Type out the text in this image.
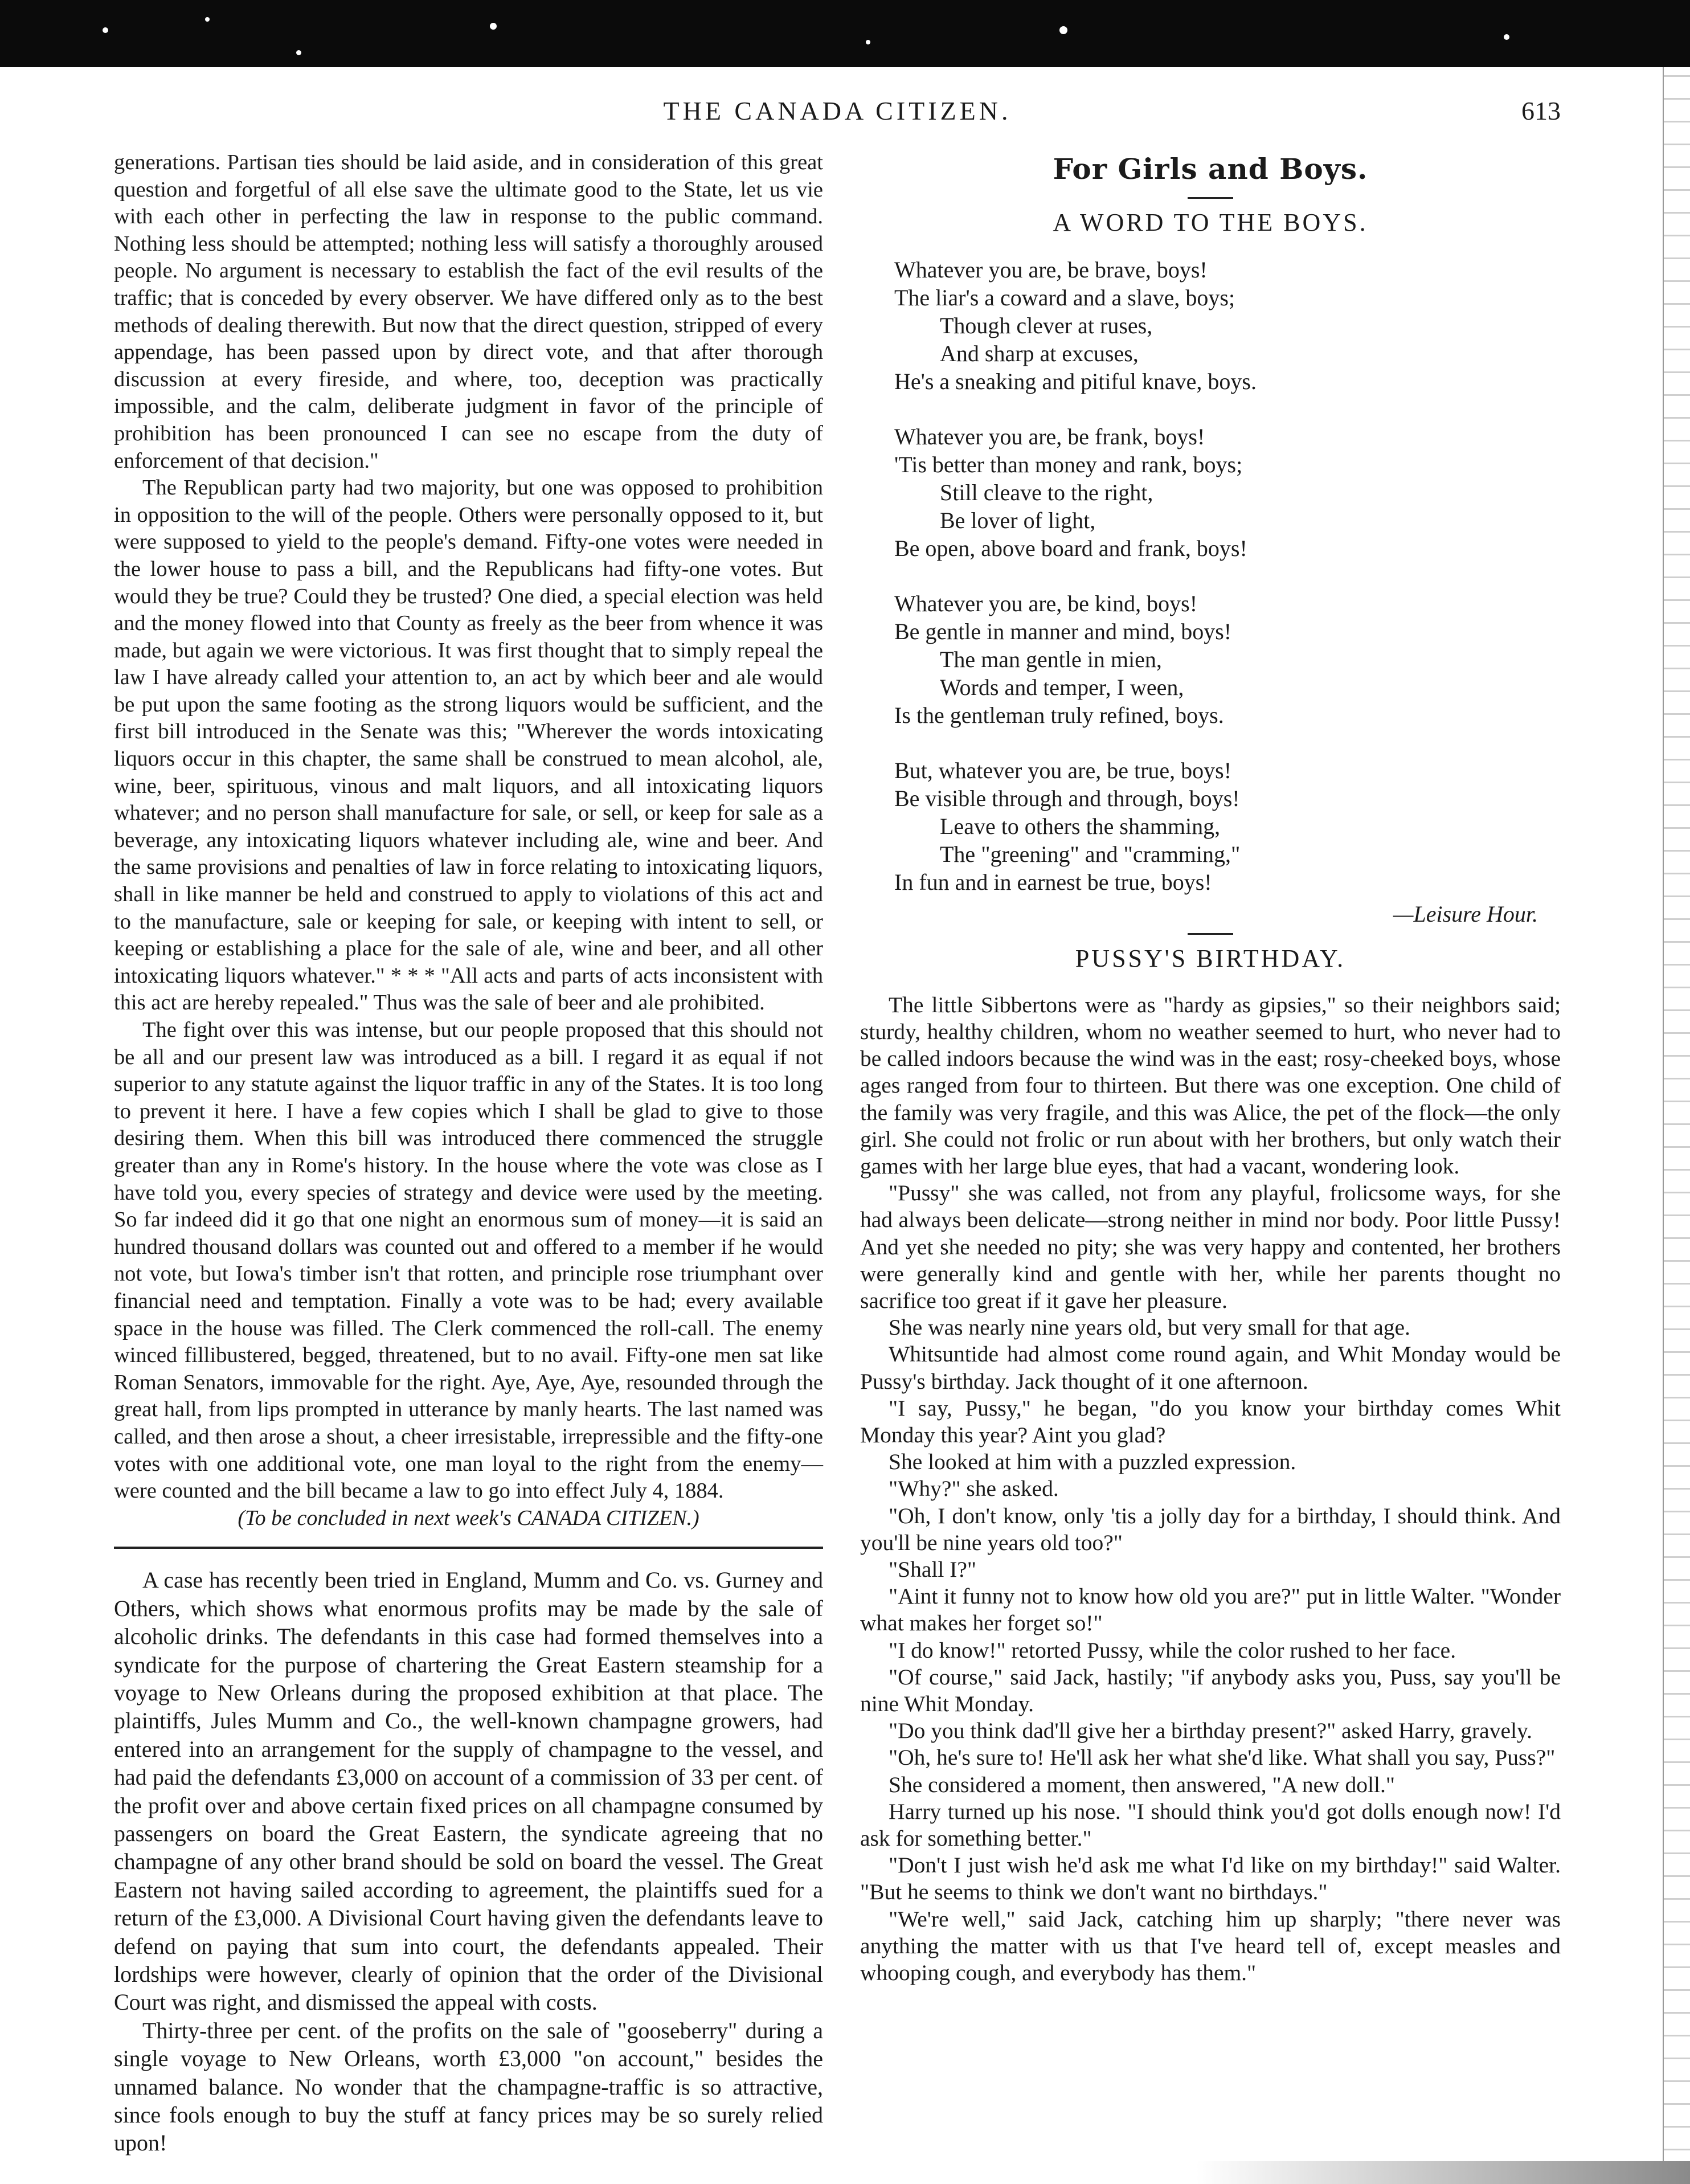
THE CANADA CITIZEN.	613

generations. Partisan ties should be laid aside, and in consideration of this great question and forgetful of all else save the ultimate good to the State, let us vie with each other in perfecting the law in response to the public command. Nothing less should be attempted; nothing less will satisfy a thoroughly aroused people. No argument is necessary to establish the fact of the evil results of the traffic; that is conceded by every observer. We have differed only as to the best methods of dealing therewith. But now that the direct question, stripped of every appendage, has been passed upon by direct vote, and that after thorough discussion at every fireside, and where, too, deception was practically impossible, and the calm, deliberate judgment in favor of the principle of prohibition has been pronounced I can see no escape from the duty of enforcement of that decision."

The Republican party had two majority, but one was opposed to prohibition in opposition to the will of the people. Others were personally opposed to it, but were supposed to yield to the people's demand. Fifty-one votes were needed in the lower house to pass a bill, and the Republicans had fifty-one votes. But would they be true? Could they be trusted? One died, a special election was held and the money flowed into that County as freely as the beer from whence it was made, but again we were victorious. It was first thought that to simply repeal the law I have already called your attention to, an act by which beer and ale would be put upon the same footing as the strong liquors would be sufficient, and the first bill introduced in the Senate was this; "Wherever the words intoxicating liquors occur in this chapter, the same shall be construed to mean alcohol, ale, wine, beer, spirituous, vinous and malt liquors, and all intoxicating liquors whatever; and no person shall manufacture for sale, or sell, or keep for sale as a beverage, any intoxicating liquors whatever including ale, wine and beer. And the same provisions and penalties of law in force relating to intoxicating liquors, shall in like manner be held and construed to apply to violations of this act and to the manufacture, sale or keeping for sale, or keeping with intent to sell, or keeping or establishing a place for the sale of ale, wine and beer, and all other intoxicating liquors whatever." * * * "All acts and parts of acts inconsistent with this act are hereby repealed." Thus was the sale of beer and ale prohibited.

The fight over this was intense, but our people proposed that this should not be all and our present law was introduced as a bill. I regard it as equal if not superior to any statute against the liquor traffic in any of the States. It is too long to prevent it here. I have a few copies which I shall be glad to give to those desiring them. When this bill was introduced there commenced the struggle greater than any in Rome's history. In the house where the vote was close as I have told you, every species of strategy and device were used by the meeting. So far indeed did it go that one night an enormous sum of money—it is said an hundred thousand dollars was counted out and offered to a member if he would not vote, but Iowa's timber isn't that rotten, and principle rose triumphant over financial need and temptation. Finally a vote was to be had; every available space in the house was filled. The Clerk commenced the roll-call. The enemy winced fillibustered, begged, threatened, but to no avail. Fifty-one men sat like Roman Senators, immovable for the right. Aye, Aye, Aye, resounded through the great hall, from lips prompted in utterance by manly hearts. The last named was called, and then arose a shout, a cheer irresistable, irrepressible and the fifty-one votes with one additional vote, one man loyal to the right from the enemy—were counted and the bill became a law to go into effect July 4, 1884.

(To be concluded in next week's CANADA CITIZEN.)

A case has recently been tried in England, Mumm and Co. vs. Gurney and Others, which shows what enormous profits may be made by the sale of alcoholic drinks. The defendants in this case had formed themselves into a syndicate for the purpose of chartering the Great Eastern steamship for a voyage to New Orleans during the proposed exhibition at that place. The plaintiffs, Jules Mumm and Co., the well-known champagne growers, had entered into an arrangement for the supply of champagne to the vessel, and had paid the defendants £3,000 on account of a commission of 33 per cent. of the profit over and above certain fixed prices on all champagne consumed by passengers on board the Great Eastern, the syndicate agreeing that no champagne of any other brand should be sold on board the vessel. The Great Eastern not having sailed according to agreement, the plaintiffs sued for a return of the £3,000. A Divisional Court having given the defendants leave to defend on paying that sum into court, the defendants appealed. Their lordships were however, clearly of opinion that the order of the Divisional Court was right, and dismissed the appeal with costs.

Thirty-three per cent. of the profits on the sale of "gooseberry" during a single voyage to New Orleans, worth £3,000 "on account," besides the unnamed balance. No wonder that the champagne-traffic is so attractive, since fools enough to buy the stuff at fancy prices may be so surely relied upon!

For Girls and Boys.
A WORD TO THE BOYS.
Whatever you are, be brave, boys!
The liar's a coward and a slave, boys;
Though clever at ruses,
And sharp at excuses,
He's a sneaking and pitiful knave, boys.
Whatever you are, be frank, boys!
'Tis better than money and rank, boys;
Still cleave to the right,
Be lover of light,
Be open, above board and frank, boys!
Whatever you are, be kind, boys!
Be gentle in manner and mind, boys!
The man gentle in mien,
Words and temper, I ween,
Is the gentleman truly refined, boys.
But, whatever you are, be true, boys!
Be visible through and through, boys!
Leave to others the shamming,
The "greening" and "cramming,"
In fun and in earnest be true, boys!
—Leisure Hour.
PUSSY'S BIRTHDAY.

The little Sibbertons were as "hardy as gipsies," so their neighbors said; sturdy, healthy children, whom no weather seemed to hurt, who never had to be called indoors because the wind was in the east; rosy-cheeked boys, whose ages ranged from four to thirteen. But there was one exception. One child of the family was very fragile, and this was Alice, the pet of the flock—the only girl. She could not frolic or run about with her brothers, but only watch their games with her large blue eyes, that had a vacant, wondering look.

"Pussy" she was called, not from any playful, frolicsome ways, for she had always been delicate—strong neither in mind nor body. Poor little Pussy! And yet she needed no pity; she was very happy and contented, her brothers were generally kind and gentle with her, while her parents thought no sacrifice too great if it gave her pleasure.

She was nearly nine years old, but very small for that age.

Whitsuntide had almost come round again, and Whit Monday would be Pussy's birthday. Jack thought of it one afternoon.

"I say, Pussy," he began, "do you know your birthday comes Whit Monday this year? Aint you glad?

She looked at him with a puzzled expression.

"Why?" she asked.

"Oh, I don't know, only 'tis a jolly day for a birthday, I should think. And you'll be nine years old too?"

"Shall I?"

"Aint it funny not to know how old you are?" put in little Walter. "Wonder what makes her forget so!"

"I do know!" retorted Pussy, while the color rushed to her face.

"Of course," said Jack, hastily; "if anybody asks you, Puss, say you'll be nine Whit Monday.

"Do you think dad'll give her a birthday present?" asked Harry, gravely.

"Oh, he's sure to! He'll ask her what she'd like. What shall you say, Puss?"

She considered a moment, then answered, "A new doll."

Harry turned up his nose. "I should think you'd got dolls enough now! I'd ask for something better."

"Don't I just wish he'd ask me what I'd like on my birthday!" said Walter. "But he seems to think we don't want no birthdays."

"We're well," said Jack, catching him up sharply; "there never was anything the matter with us that I've heard tell of, except measles and whooping cough, and everybody has them."
